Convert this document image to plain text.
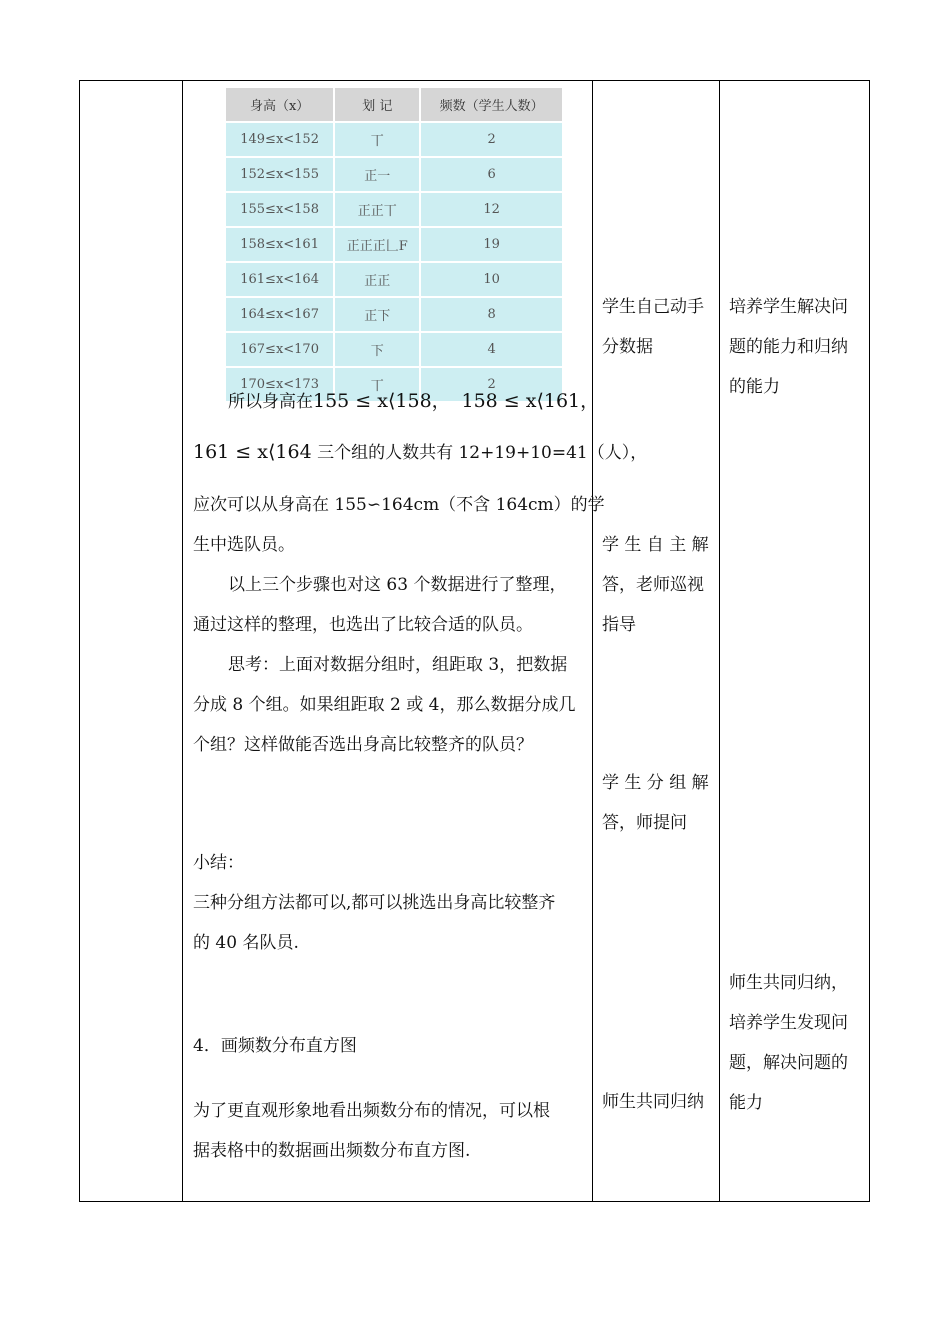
身高（x）	划 记	频数（学生人数）
149≤x<152	丅	2
152≤x<155	正一	6
155≤x<158	正正丅	12
158≤x<161	正正正𠃊F	19
161≤x<164	正正	10
164≤x<167	正下	8
167≤x<170	下	4
170≤x<173	丅	2
所以身高在155 ≤ x⟨158， 158 ≤ x⟨161，
161 ≤ x⟨164 三个组的人数共有 12+19+10=41（人），
应次可以从身高在 155∽164cm（不含 164cm）的学
生中选队员。
以上三个步骤也对这 63 个数据进行了整理，
通过这样的整理，也选出了比较合适的队员。
思考：上面对数据分组时，组距取 3，把数据
分成 8 个组。如果组距取 2 或 4，那么数据分成几
个组？这样做能否选出身高比较整齐的队员？
小结：
三种分组方法都可以,都可以挑选出身高比较整齐
的 40 名队员.
4．画频数分布直方图
为了更直观形象地看出频数分布的情况，可以根
据表格中的数据画出频数分布直方图.
学生自己动手
分数据
学 生 自 主 解
答，老师巡视
指导
学 生 分 组 解
答，师提问
师生共同归纳
培养学生解决问
题的能力和归纳
的能力
师生共同归纳，
培养学生发现问
题，解决问题的
能力
